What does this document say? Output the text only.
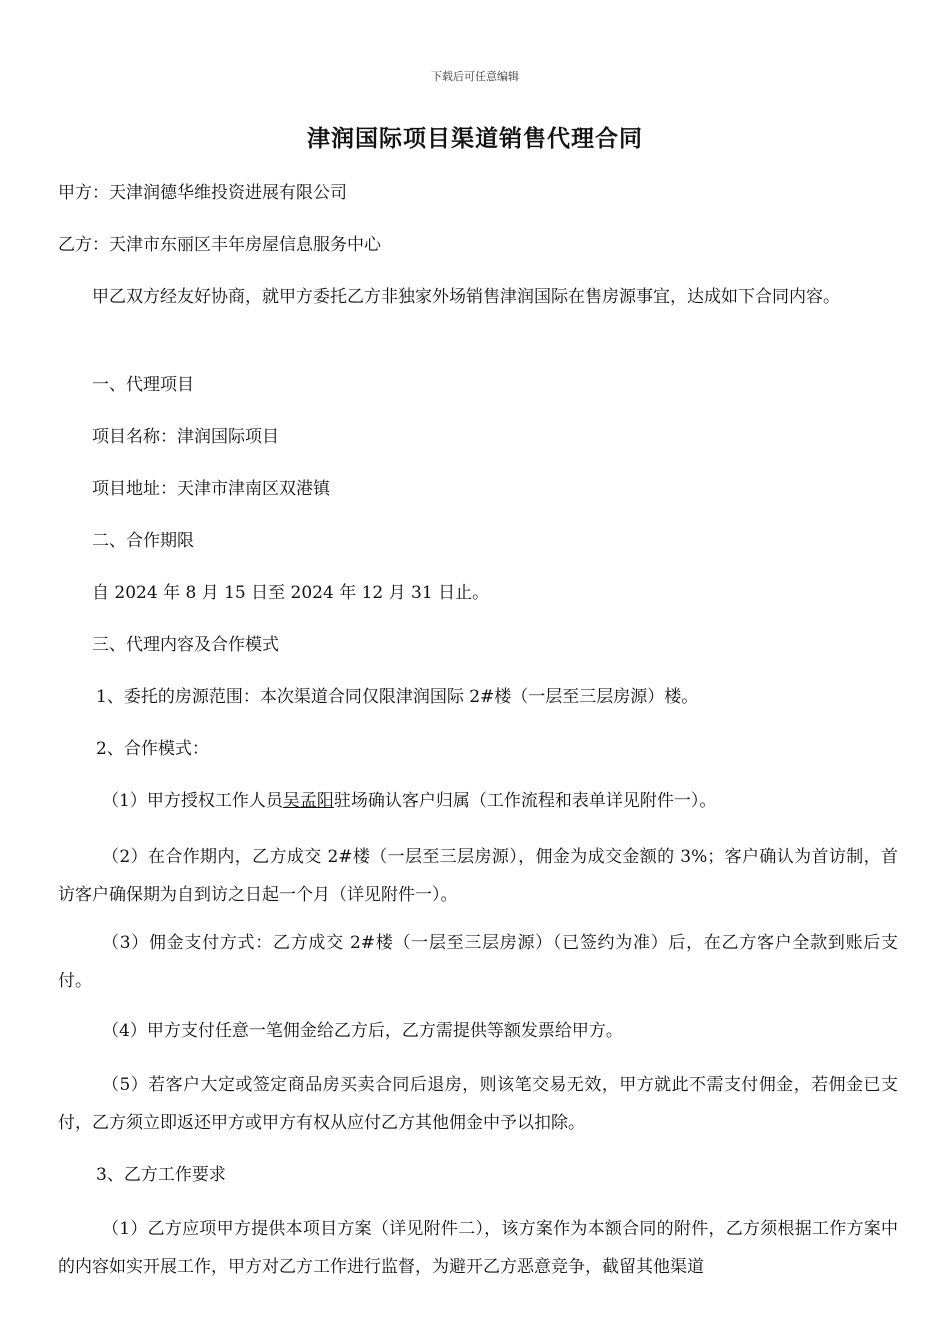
下载后可任意编辑
津润国际项目渠道销售代理合同
甲方：天津润德华维投资进展有限公司
乙方：天津市东丽区丰年房屋信息服务中心
甲乙双方经友好协商，就甲方委托乙方非独家外场销售津润国际在售房源事宜，达成如下合同内容。
一、代理项目
项目名称：津润国际项目
项目地址：天津市津南区双港镇
二、合作期限
自 2024 年 8 月 15 日至 2024 年 12 月 31 日止。
三、代理内容及合作模式
1、委托的房源范围：本次渠道合同仅限津润国际 2#楼（一层至三层房源）楼。
2、合作模式：
（1）甲方授权工作人员吴孟阳驻场确认客户归属（工作流程和表单详见附件一）。
（2）在合作期内，乙方成交 2#楼（一层至三层房源），佣金为成交金额的 3%；客户确认为首访制，首访客户确保期为自到访之日起一个月（详见附件一）。
（3）佣金支付方式：乙方成交 2#楼（一层至三层房源）（已签约为准）后，在乙方客户全款到账后支付。
（4）甲方支付任意一笔佣金给乙方后，乙方需提供等额发票给甲方。
（5）若客户大定或签定商品房买卖合同后退房，则该笔交易无效，甲方就此不需支付佣金，若佣金已支付，乙方须立即返还甲方或甲方有权从应付乙方其他佣金中予以扣除。
3、乙方工作要求
（1）乙方应项甲方提供本项目方案（详见附件二），该方案作为本额合同的附件，乙方须根据工作方案中的内容如实开展工作，甲方对乙方工作进行监督，为避开乙方恶意竞争，截留其他渠道
